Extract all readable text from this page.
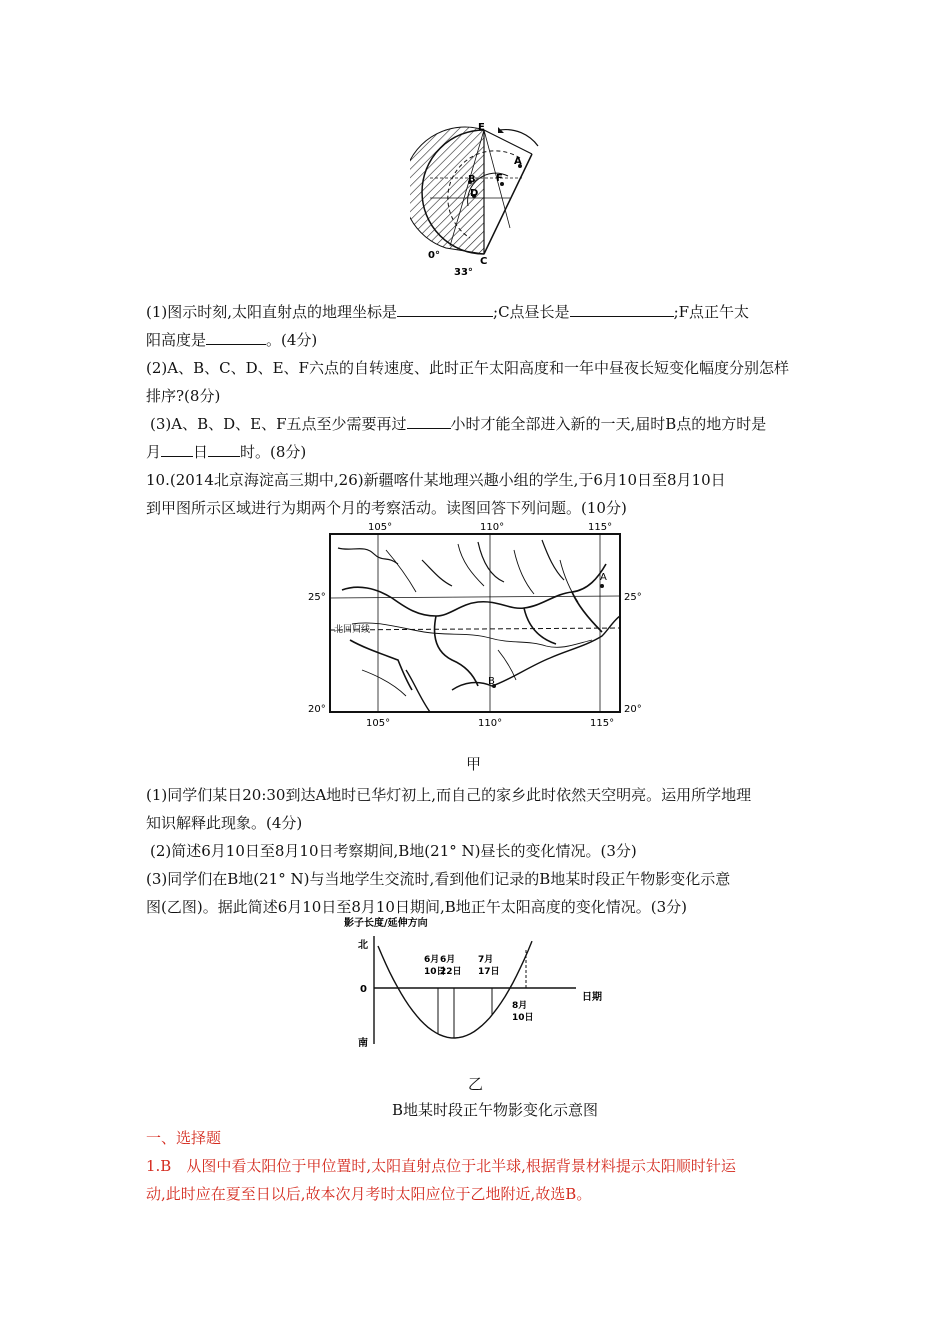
E
A
B F
D
C
0°
33°
(1)图示时刻,太阳直射点的地理坐标是	;C点昼长是	;F点正午太
阳高度是	。(4分)
(2)A、B、C、D、E、F六点的自转速度、此时正午太阳高度和一年中昼夜长短变化幅度分别怎样
排序?(8分)
(3)A、B、D、E、F五点至少需要再过	小时才能全部进入新的一天,届时B点的地方时是
月 日 时。(8分)
10.(2014北京海淀高三期中,26)新疆喀什某地理兴趣小组的学生,于6月10日至8月10日
到甲图所示区域进行为期两个月的考察活动。读图回答下列问题。(10分)
105°	110°	115°
105°	110°	115°
25°	25°
20°	20°
北回归线
A
B
甲
(1)同学们某日20:30到达A地时已华灯初上,而自己的家乡此时依然天空明亮。运用所学地理
知识解释此现象。(4分)
(2)简述6月10日至8月10日考察期间,B地(21° N)昼长的变化情况。(3分)
(3)同学们在B地(21° N)与当地学生交流时,看到他们记录的B地某时段正午物影变化示意
图(乙图)。据此简述6月10日至8月10日期间,B地正午太阳高度的变化情况。(3分)
影子长度/延伸方向
北
0
南
日期
6月
10日
6月
22日
7月
17日
8月
10日
乙
B地某时段正午物影变化示意图
一、选择题
1.B　从图中看太阳位于甲位置时,太阳直射点位于北半球,根据背景材料提示太阳顺时针运
动,此时应在夏至日以后,故本次月考时太阳应位于乙地附近,故选B。
